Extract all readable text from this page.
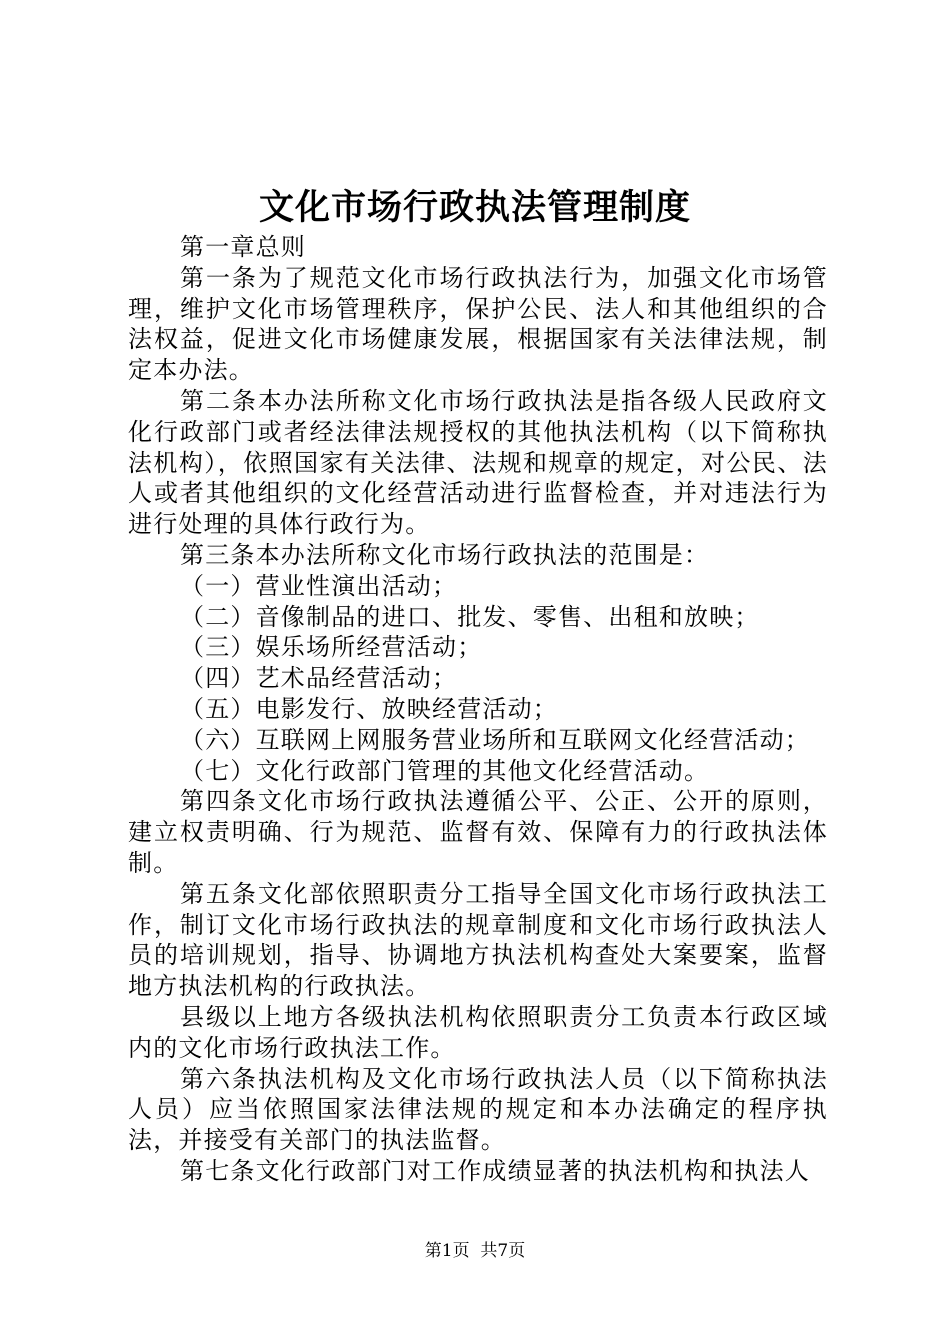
文化市场行政执法管理制度

第一章总则

第一条为了规范文化市场行政执法行为，加强文化市场管理，维护文化市场管理秩序，保护公民、法人和其他组织的合法权益，促进文化市场健康发展，根据国家有关法律法规，制定本办法。

第二条本办法所称文化市场行政执法是指各级人民政府文化行政部门或者经法律法规授权的其他执法机构（以下简称执法机构），依照国家有关法律、法规和规章的规定，对公民、法人或者其他组织的文化经营活动进行监督检查，并对违法行为进行处理的具体行政行为。

第三条本办法所称文化市场行政执法的范围是：

（一）营业性演出活动；

（二）音像制品的进口、批发、零售、出租和放映；

（三）娱乐场所经营活动；

（四）艺术品经营活动；

（五）电影发行、放映经营活动；

（六）互联网上网服务营业场所和互联网文化经营活动；

（七）文化行政部门管理的其他文化经营活动。

第四条文化市场行政执法遵循公平、公正、公开的原则，建立权责明确、行为规范、监督有效、保障有力的行政执法体制。

第五条文化部依照职责分工指导全国文化市场行政执法工作，制订文化市场行政执法的规章制度和文化市场行政执法人员的培训规划，指导、协调地方执法机构查处大案要案，监督地方执法机构的行政执法。

县级以上地方各级执法机构依照职责分工负责本行政区域内的文化市场行政执法工作。

第六条执法机构及文化市场行政执法人员（以下简称执法人员）应当依照国家法律法规的规定和本办法确定的程序执法，并接受有关部门的执法监督。

第七条文化行政部门对工作成绩显著的执法机构和执法人

第1页 共7页
